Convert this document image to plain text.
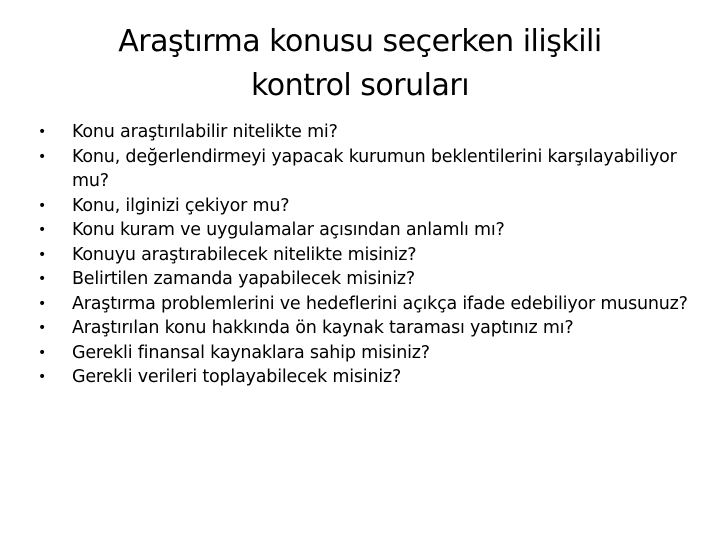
Araştırma konusu seçerken ilişkili
kontrol soruları
• Konu araştırılabilir nitelikte mi?
• Konu, değerlendirmeyi yapacak kurumun beklentilerini karşılayabiliyor mu?
• Konu, ilginizi çekiyor mu?
• Konu kuram ve uygulamalar açısından anlamlı mı?
• Konuyu araştırabilecek nitelikte misiniz?
• Belirtilen zamanda yapabilecek misiniz?
• Araştırma problemlerini ve hedeflerini açıkça ifade edebiliyor musunuz?
• Araştırılan konu hakkında ön kaynak taraması yaptınız mı?
• Gerekli finansal kaynaklara sahip misiniz?
• Gerekli verileri toplayabilecek misiniz?
